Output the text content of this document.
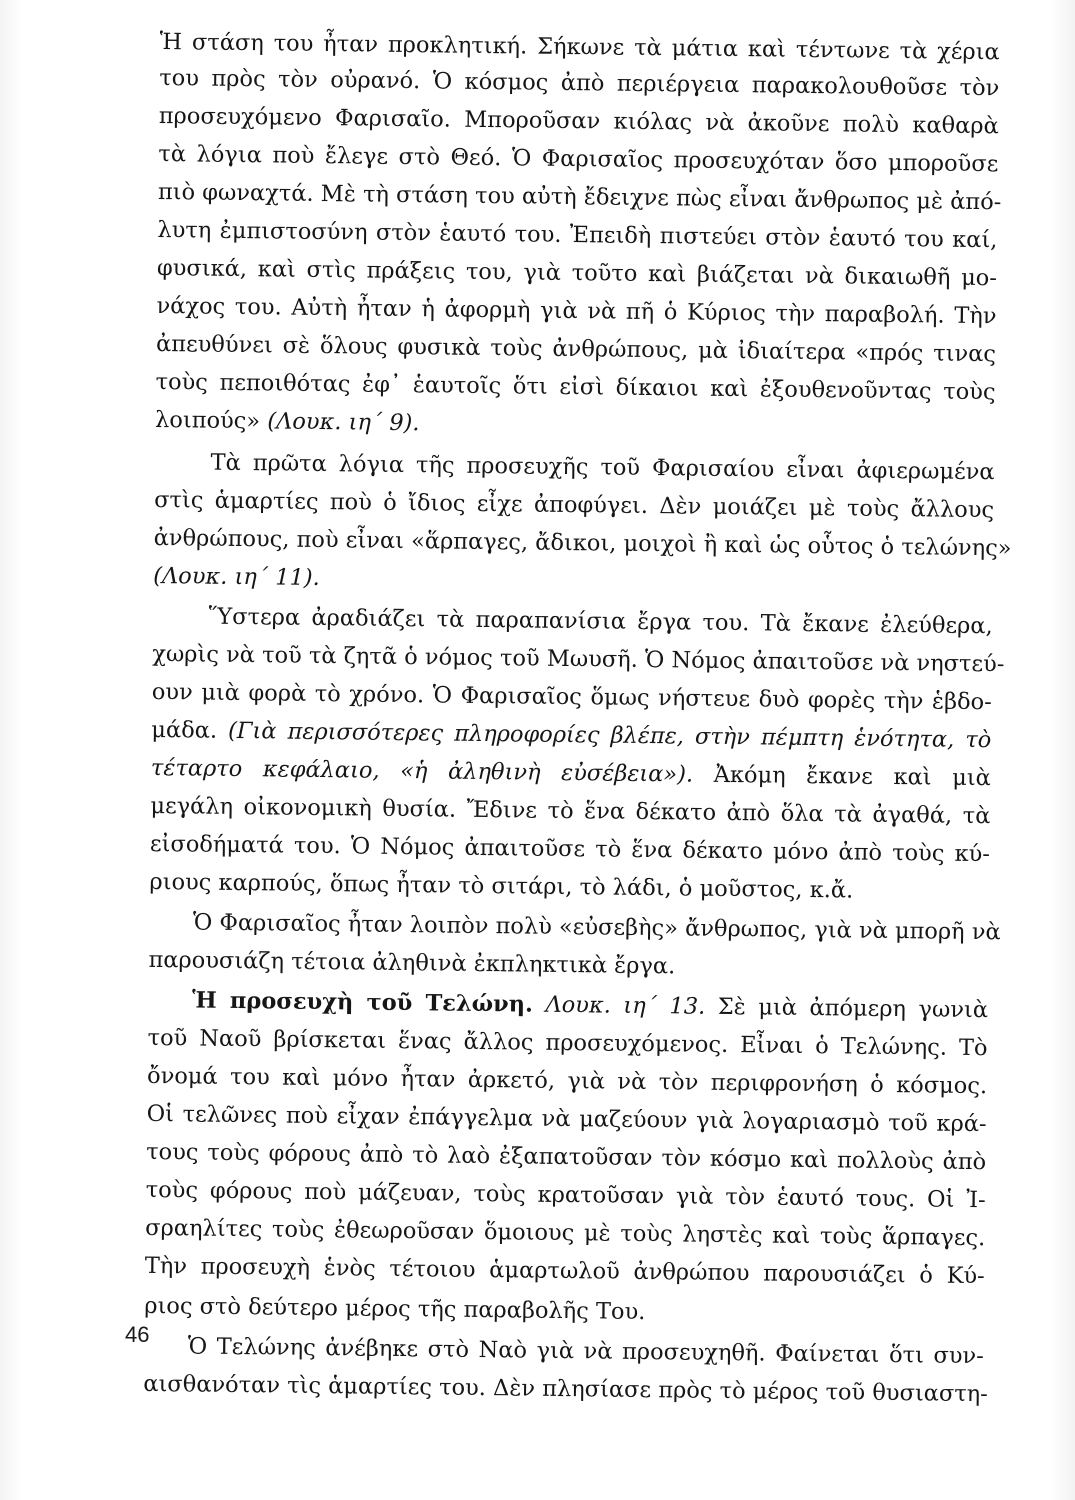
Ἡ στάση του ἦταν προκλητική. Σήκωνε τὰ μάτια καὶ τέντωνε τὰ χέρια
του πρὸς τὸν οὐρανό. Ὁ κόσμος ἀπὸ περιέργεια παρακολουθοῦσε τὸν
προσευχόμενο Φαρισαῖο. Μποροῦσαν κιόλας νὰ ἀκοῦνε πολὺ καθαρὰ
τὰ λόγια ποὺ ἔλεγε στὸ Θεό. Ὁ Φαρισαῖος προσευχόταν ὅσο μποροῦσε
πιὸ φωναχτά. Μὲ τὴ στάση του αὐτὴ ἔδειχνε πὼς εἶναι ἄνθρωπος μὲ ἀπό-
λυτη ἐμπιστοσύνη στὸν ἑαυτό του. Ἐπειδὴ πιστεύει στὸν ἑαυτό του καί,
φυσικά, καὶ στὶς πράξεις του, γιὰ τοῦτο καὶ βιάζεται νὰ δικαιωθῆ μο-
νάχος του. Αὐτὴ ἦταν ἡ ἀφορμὴ γιὰ νὰ πῆ ὁ Κύριος τὴν παραβολή. Τὴν
ἀπευθύνει σὲ ὅλους φυσικὰ τοὺς ἀνθρώπους, μὰ ἰδιαίτερα «πρός τινας
τοὺς πεποιθότας ἐφ᾿ ἑαυτοῖς ὅτι εἰσὶ δίκαιοι καὶ ἐξουθενοῦντας τοὺς
λοιπούς» (Λουκ. ιη΄ 9).
Τὰ πρῶτα λόγια τῆς προσευχῆς τοῦ Φαρισαίου εἶναι ἀφιερωμένα
στὶς ἁμαρτίες ποὺ ὁ ἴδιος εἶχε ἀποφύγει. Δὲν μοιάζει μὲ τοὺς ἄλλους
ἀνθρώπους, ποὺ εἶναι «ἅρπαγες, ἄδικοι, μοιχοὶ ἢ καὶ ὡς οὗτος ὁ τελώνης»
(Λουκ. ιη΄ 11).
Ὕστερα ἀραδιάζει τὰ παραπανίσια ἔργα του. Τὰ ἔκανε ἐλεύθερα,
χωρὶς νὰ τοῦ τὰ ζητᾶ ὁ νόμος τοῦ Μωυσῆ. Ὁ Νόμος ἀπαιτοῦσε νὰ νηστεύ-
ουν μιὰ φορὰ τὸ χρόνο. Ὁ Φαρισαῖος ὅμως νήστευε δυὸ φορὲς τὴν ἑβδο-
μάδα. (Γιὰ περισσότερες πληροφορίες βλέπε, στὴν πέμπτη ἑνότητα, τὸ
τέταρτο κεφάλαιο, «ἡ ἀληθινὴ εὐσέβεια»). Ἀκόμη ἔκανε καὶ μιὰ
μεγάλη οἰκονομικὴ θυσία. Ἔδινε τὸ ἕνα δέκατο ἀπὸ ὅλα τὰ ἀγαθά, τὰ
εἰσοδήματά του. Ὁ Νόμος ἀπαιτοῦσε τὸ ἕνα δέκατο μόνο ἀπὸ τοὺς κύ-
ριους καρπούς, ὅπως ἦταν τὸ σιτάρι, τὸ λάδι, ὁ μοῦστος, κ.ἄ.
Ὁ Φαρισαῖος ἦταν λοιπὸν πολὺ «εὐσεβὴς» ἄνθρωπος, γιὰ νὰ μπορῆ νὰ
παρουσιάζη τέτοια ἀληθινὰ ἐκπληκτικὰ ἔργα.
Ἡ προσευχὴ τοῦ Τελώνη. Λουκ. ιη΄ 13. Σὲ μιὰ ἀπόμερη γωνιὰ
τοῦ Ναοῦ βρίσκεται ἕνας ἄλλος προσευχόμενος. Εἶναι ὁ Τελώνης. Τὸ
ὄνομά του καὶ μόνο ἦταν ἀρκετό, γιὰ νὰ τὸν περιφρονήση ὁ κόσμος.
Οἱ τελῶνες ποὺ εἶχαν ἐπάγγελμα νὰ μαζεύουν γιὰ λογαριασμὸ τοῦ κρά-
τους τοὺς φόρους ἀπὸ τὸ λαὸ ἐξαπατοῦσαν τὸν κόσμο καὶ πολλοὺς ἀπὸ
τοὺς φόρους ποὺ μάζευαν, τοὺς κρατοῦσαν γιὰ τὸν ἑαυτό τους. Οἱ Ἰ-
σραηλίτες τοὺς ἐθεωροῦσαν ὅμοιους μὲ τοὺς ληστὲς καὶ τοὺς ἅρπαγες.
Τὴν προσευχὴ ἑνὸς τέτοιου ἁμαρτωλοῦ ἀνθρώπου παρουσιάζει ὁ Κύ-
ριος στὸ δεύτερο μέρος τῆς παραβολῆς Του.
Ὁ Τελώνης ἀνέβηκε στὸ Ναὸ γιὰ νὰ προσευχηθῆ. Φαίνεται ὅτι συν-
αισθανόταν τὶς ἁμαρτίες του. Δὲν πλησίασε πρὸς τὸ μέρος τοῦ θυσιαστη-
46
